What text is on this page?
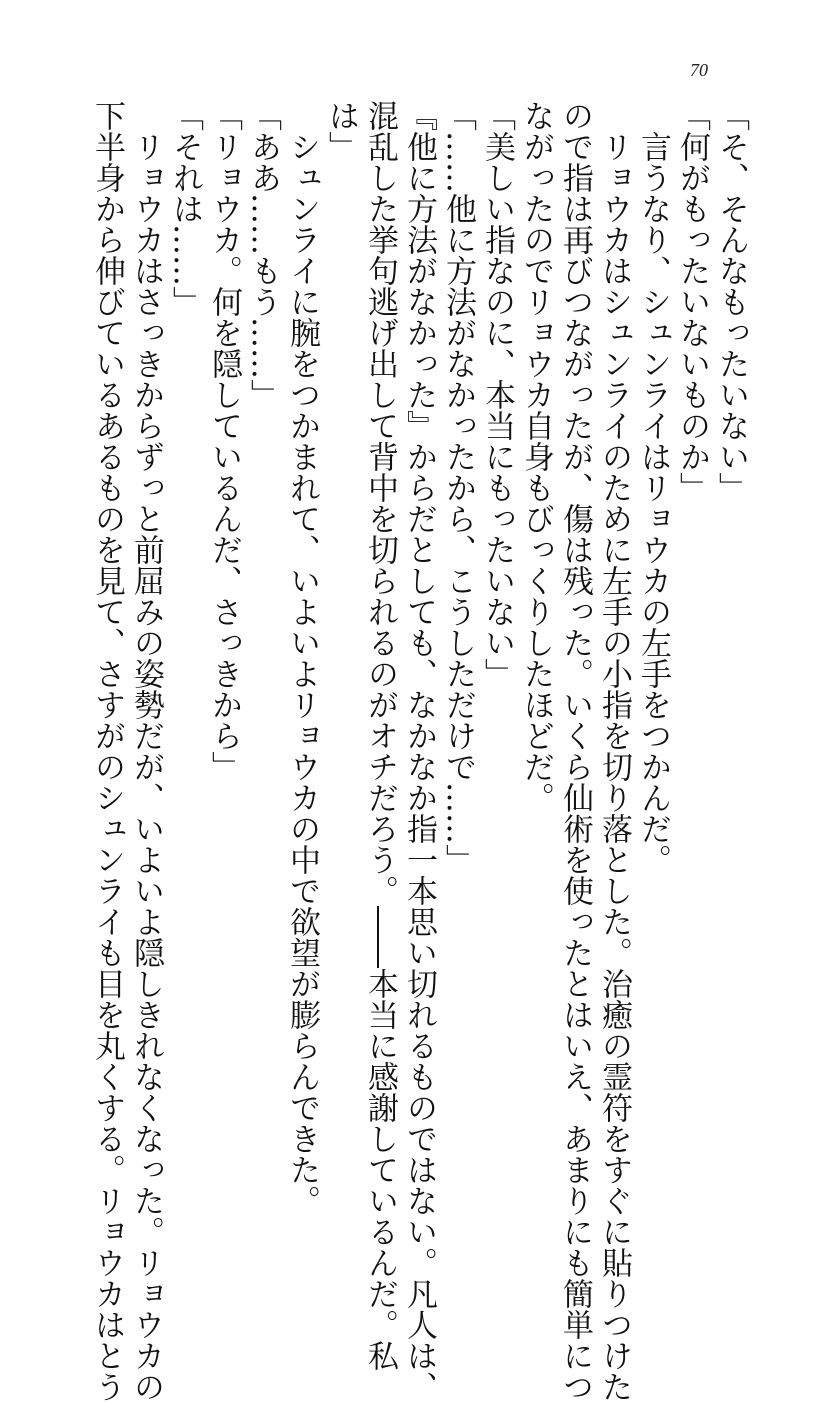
70

「そ、そんなもったいない」

「何がもったいないものか」

　言うなり、シュンライはリョウカの左手をつかんだ。

　リョウカはシュンライのために左手の小指を切り落とした。治癒の霊符をすぐに貼りつけた

ので指は再びつながったが、傷は残った。いくら仙術を使ったとはいえ、あまりにも簡単につ

ながったのでリョウカ自身もびっくりしたほどだ。

「美しい指なのに、本当にもったいない」

「……他に方法がなかったから、こうしただけで……」

『他に方法がなかった』からだとしても、なかなか指一本思い切れるものではない。凡人は、

混乱した挙句逃げ出して背中を切られるのがオチだろう。――本当に感謝しているんだ。私

は」

　シュンライに腕をつかまれて、いよいよリョウカの中で欲望が膨らんできた。

「ああ……もう……」

「リョウカ。何を隠しているんだ、さっきから」

「それは……」

　リョウカはさっきからずっと前屈みの姿勢だが、いよいよ隠しきれなくなった。リョウカの

下半身から伸びているあるものを見て、さすがのシュンライも目を丸くする。リョウカはとう
